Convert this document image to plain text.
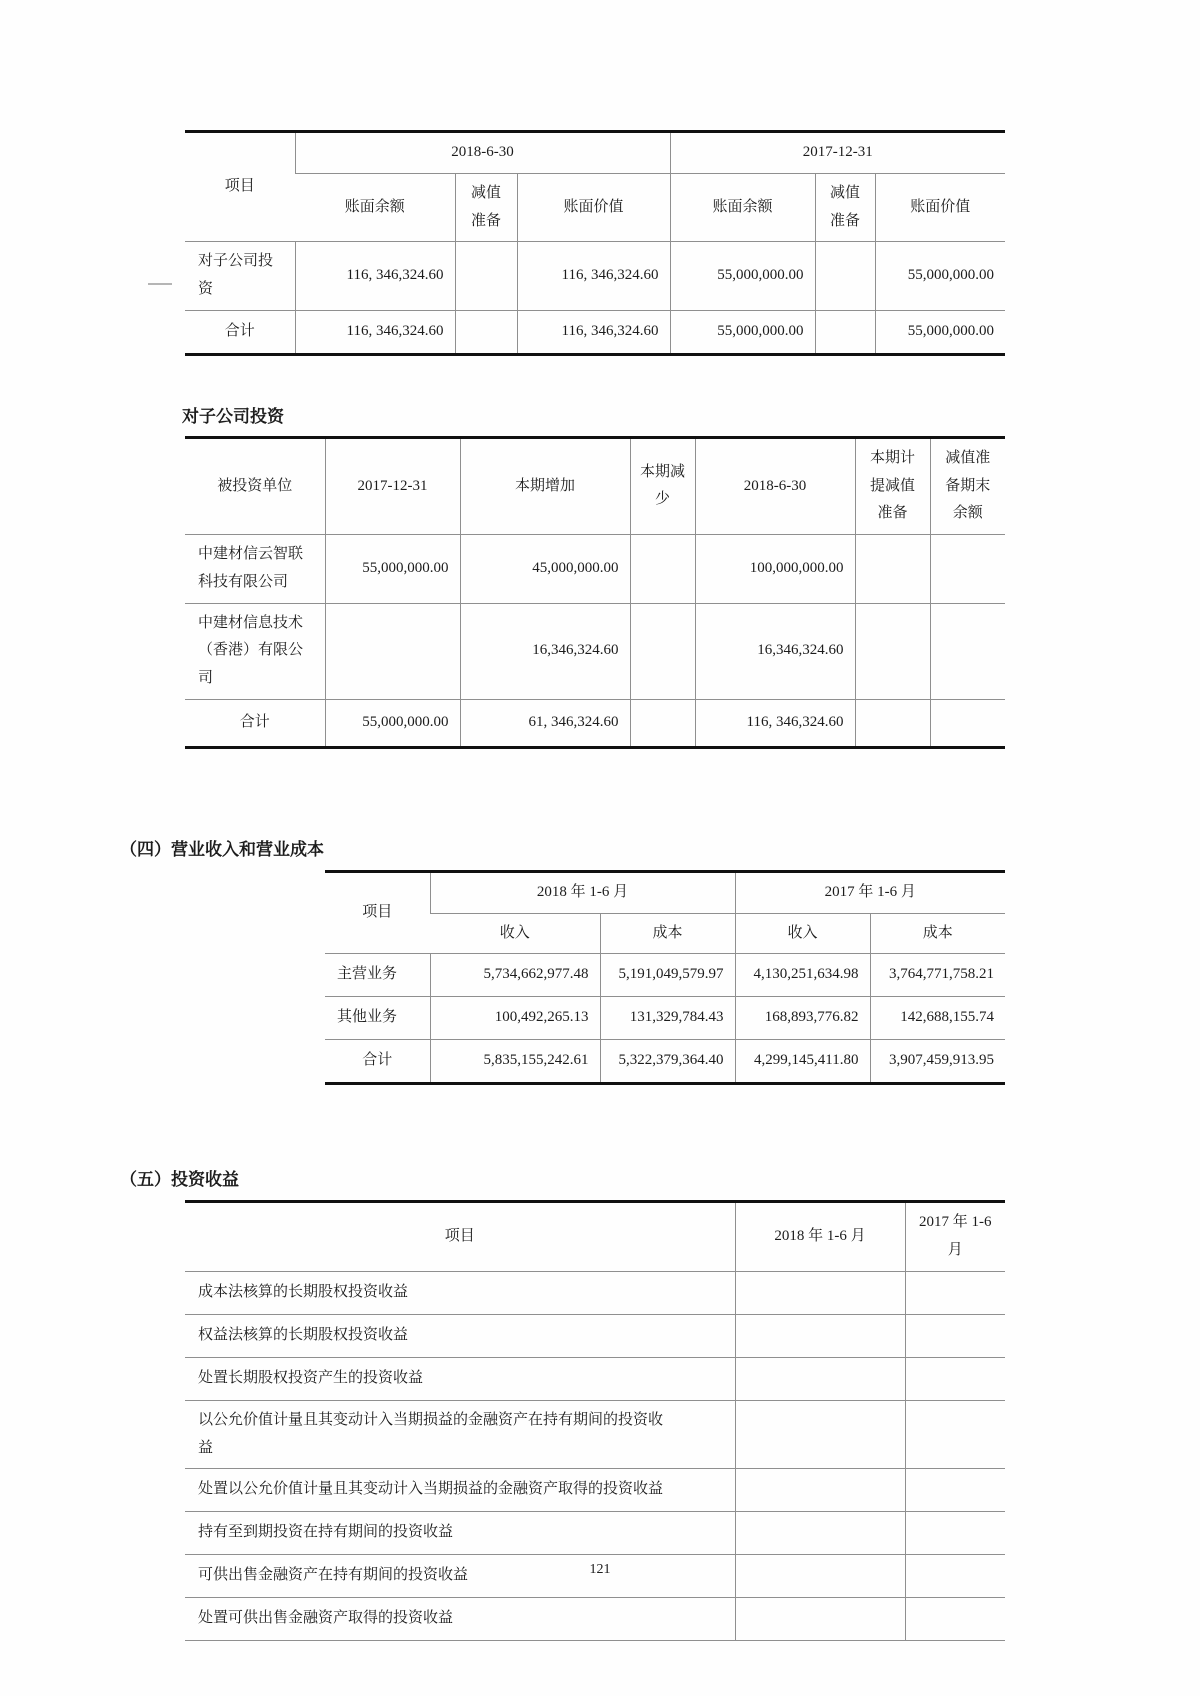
项目	2018-6-30			2017-12-31		
	账面余额	减值准备	账面价值	账面余额	减值准备	账面价值
对子公司投资	116, 346,324.60		116, 346,324.60	55,000,000.00		55,000,000.00
合计	116, 346,324.60		116, 346,324.60	55,000,000.00		55,000,000.00
对子公司投资
被投资单位	2017-12-31	本期增加	本期减少	2018-6-30	本期计提减值准备	减值准备期末余额
中建材信云智联科技有限公司	55,000,000.00	45,000,000.00		100,000,000.00		
中建材信息技术（香港）有限公司		16,346,324.60		16,346,324.60		
合计	55,000,000.00	61, 346,324.60		116, 346,324.60		
（四）营业收入和营业成本
项目	2018 年 1-6 月		2017 年 1-6 月	
	收入	成本	收入	成本
主营业务	5,734,662,977.48	5,191,049,579.97	4,130,251,634.98	3,764,771,758.21
其他业务	100,492,265.13	131,329,784.43	168,893,776.82	142,688,155.74
合计	5,835,155,242.61	5,322,379,364.40	4,299,145,411.80	3,907,459,913.95
（五）投资收益
项目	2018 年 1-6 月	2017 年 1-6 月
成本法核算的长期股权投资收益		
权益法核算的长期股权投资收益		
处置长期股权投资产生的投资收益		
以公允价值计量且其变动计入当期损益的金融资产在持有期间的投资收益		
处置以公允价值计量且其变动计入当期损益的金融资产取得的投资收益		
持有至到期投资在持有期间的投资收益		
可供出售金融资产在持有期间的投资收益		
处置可供出售金融资产取得的投资收益		
121
